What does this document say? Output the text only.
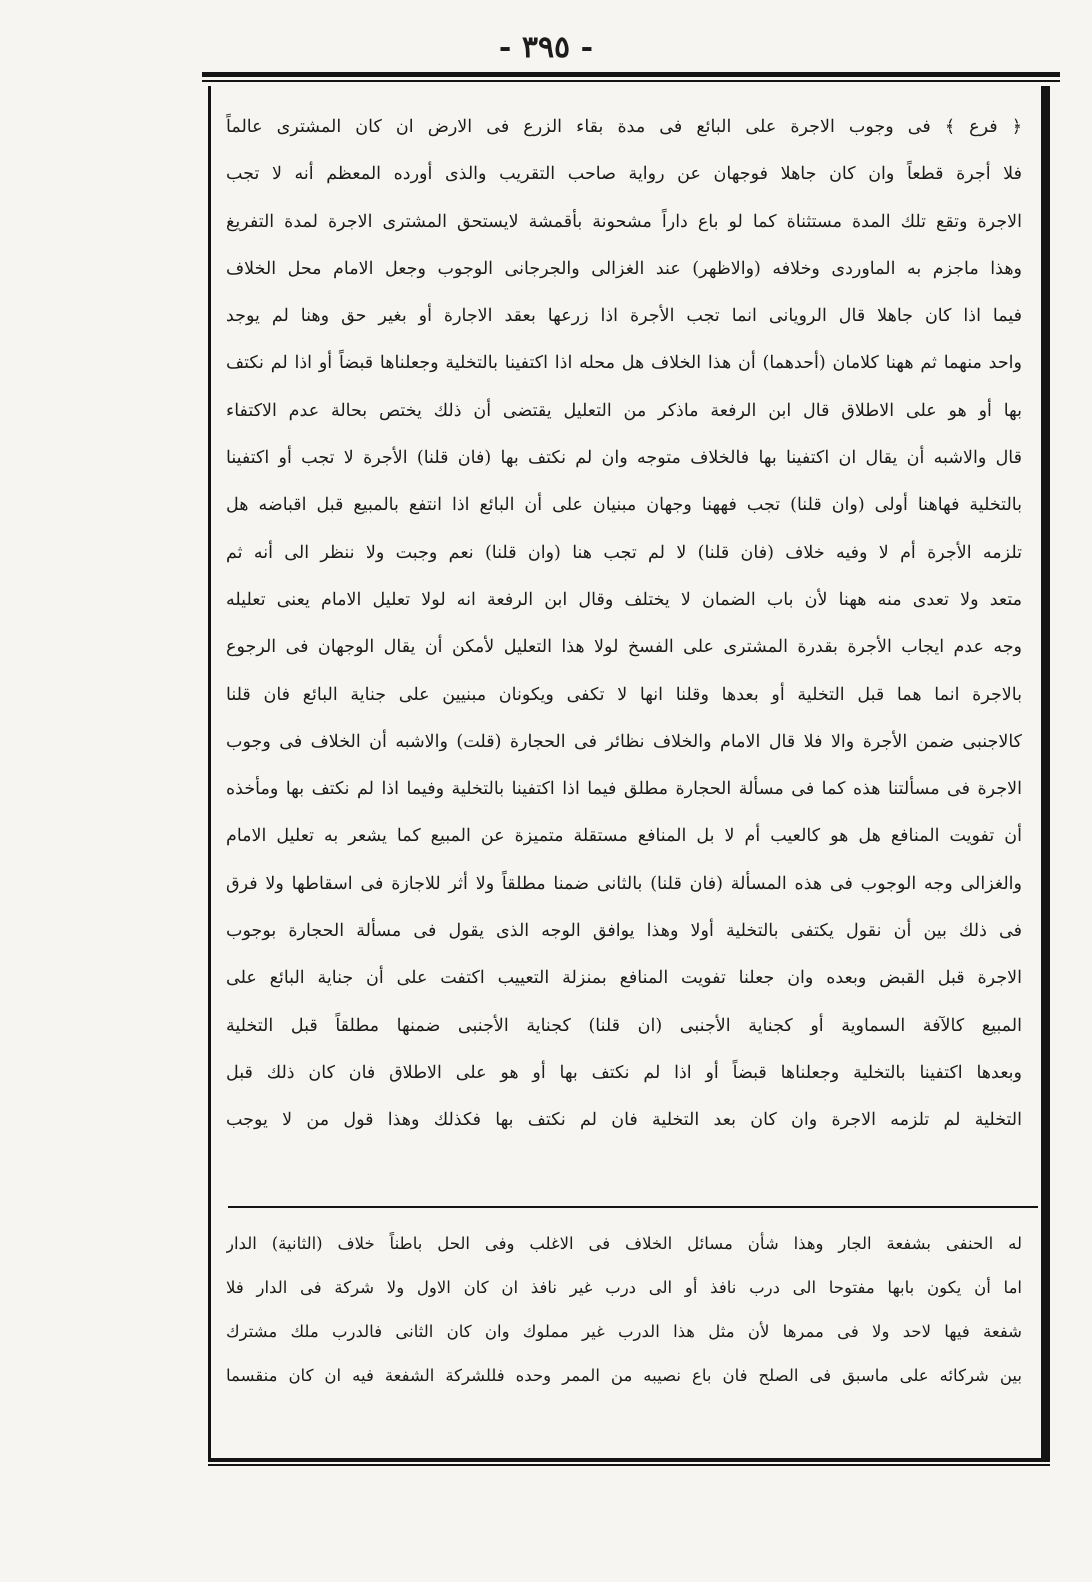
- ٣٩٥ -

﴿ فرع ﴾ فى وجوب الاجرة على البائع فى مدة بقاء الزرع فى الارض ان كان المشترى عالماً

فلا أجرة قطعاً وان كان جاهلا فوجهان عن رواية صاحب التقريب والذى أورده المعظم أنه لا تجب

الاجرة وتقع تلك المدة مستثناة كما لو باع داراً مشحونة بأقمشة لايستحق المشترى الاجرة لمدة التفريغ

وهذا ماجزم به الماوردى وخلافه (والاظهر) عند الغزالى والجرجانى الوجوب وجعل الامام محل الخلاف

فيما اذا كان جاهلا قال الرويانى انما تجب الأجرة اذا زرعها بعقد الاجارة أو بغير حق وهنا لم يوجد

واحد منهما ثم ههنا كلامان (أحدهما) أن هذا الخلاف هل محله اذا اكتفينا بالتخلية وجعلناها قبضاً أو اذا لم نكتف

بها أو هو على الاطلاق قال ابن الرفعة ماذكر من التعليل يقتضى أن ذلك يختص بحالة عدم الاكتفاء

قال والاشبه أن يقال ان اكتفينا بها فالخلاف متوجه وان لم نكتف بها (فان قلنا) الأجرة لا تجب أو اكتفينا

بالتخلية فهاهنا أولى (وان قلنا) تجب فههنا وجهان مبنيان على أن البائع اذا انتفع بالمبيع قبل اقباضه هل

تلزمه الأجرة أم لا وفيه خلاف (فان قلنا) لا لم تجب هنا (وان قلنا) نعم وجبت ولا ننظر الى أنه ثم

متعد ولا تعدى منه ههنا لأن باب الضمان لا يختلف وقال ابن الرفعة انه لولا تعليل الامام يعنى تعليله

وجه عدم ايجاب الأجرة بقدرة المشترى على الفسخ لولا هذا التعليل لأمكن أن يقال الوجهان فى الرجوع

بالاجرة انما هما قبل التخلية أو بعدها وقلنا انها لا تكفى ويكونان مبنيين على جناية البائع فان قلنا

كالاجنبى ضمن الأجرة والا فلا قال الامام والخلاف نظائر فى الحجارة (قلت) والاشبه أن الخلاف فى وجوب

الاجرة فى مسألتنا هذه كما فى مسألة الحجارة مطلق فيما اذا اكتفينا بالتخلية وفيما اذا لم نكتف بها ومأخذه

أن تفويت المنافع هل هو كالعيب أم لا بل المنافع مستقلة متميزة عن المبيع كما يشعر به تعليل الامام

والغزالى وجه الوجوب فى هذه المسألة (فان قلنا) بالثانى ضمنا مطلقاً ولا أثر للاجازة فى اسقاطها ولا فرق

فى ذلك بين أن نقول يكتفى بالتخلية أولا وهذا يوافق الوجه الذى يقول فى مسألة الحجارة بوجوب

الاجرة قبل القبض وبعده وان جعلنا تفويت المنافع بمنزلة التعييب اكتفت على أن جناية البائع على

المبيع كالآفة السماوية أو كجناية الأجنبى (ان قلنا) كجناية الأجنبى ضمنها مطلقاً قبل التخلية

وبعدها اكتفينا بالتخلية وجعلناها قبضاً أو اذا لم نكتف بها أو هو على الاطلاق فان كان ذلك قبل

التخلية لم تلزمه الاجرة وان كان بعد التخلية فان لم نكتف بها فكذلك وهذا قول من لا يوجب

له الحنفى بشفعة الجار وهذا شأن مسائل الخلاف فى الاغلب وفى الحل باطناً خلاف (الثانية) الدار

اما أن يكون بابها مفتوحا الى درب نافذ أو الى درب غير نافذ ان كان الاول ولا شركة فى الدار فلا

شفعة فيها لاحد ولا فى ممرها لأن مثل هذا الدرب غير مملوك وان كان الثانى فالدرب ملك مشترك

بين شركائه على ماسبق فى الصلح فان باع نصيبه من الممر وحده فللشركة الشفعة فيه ان كان منقسما
